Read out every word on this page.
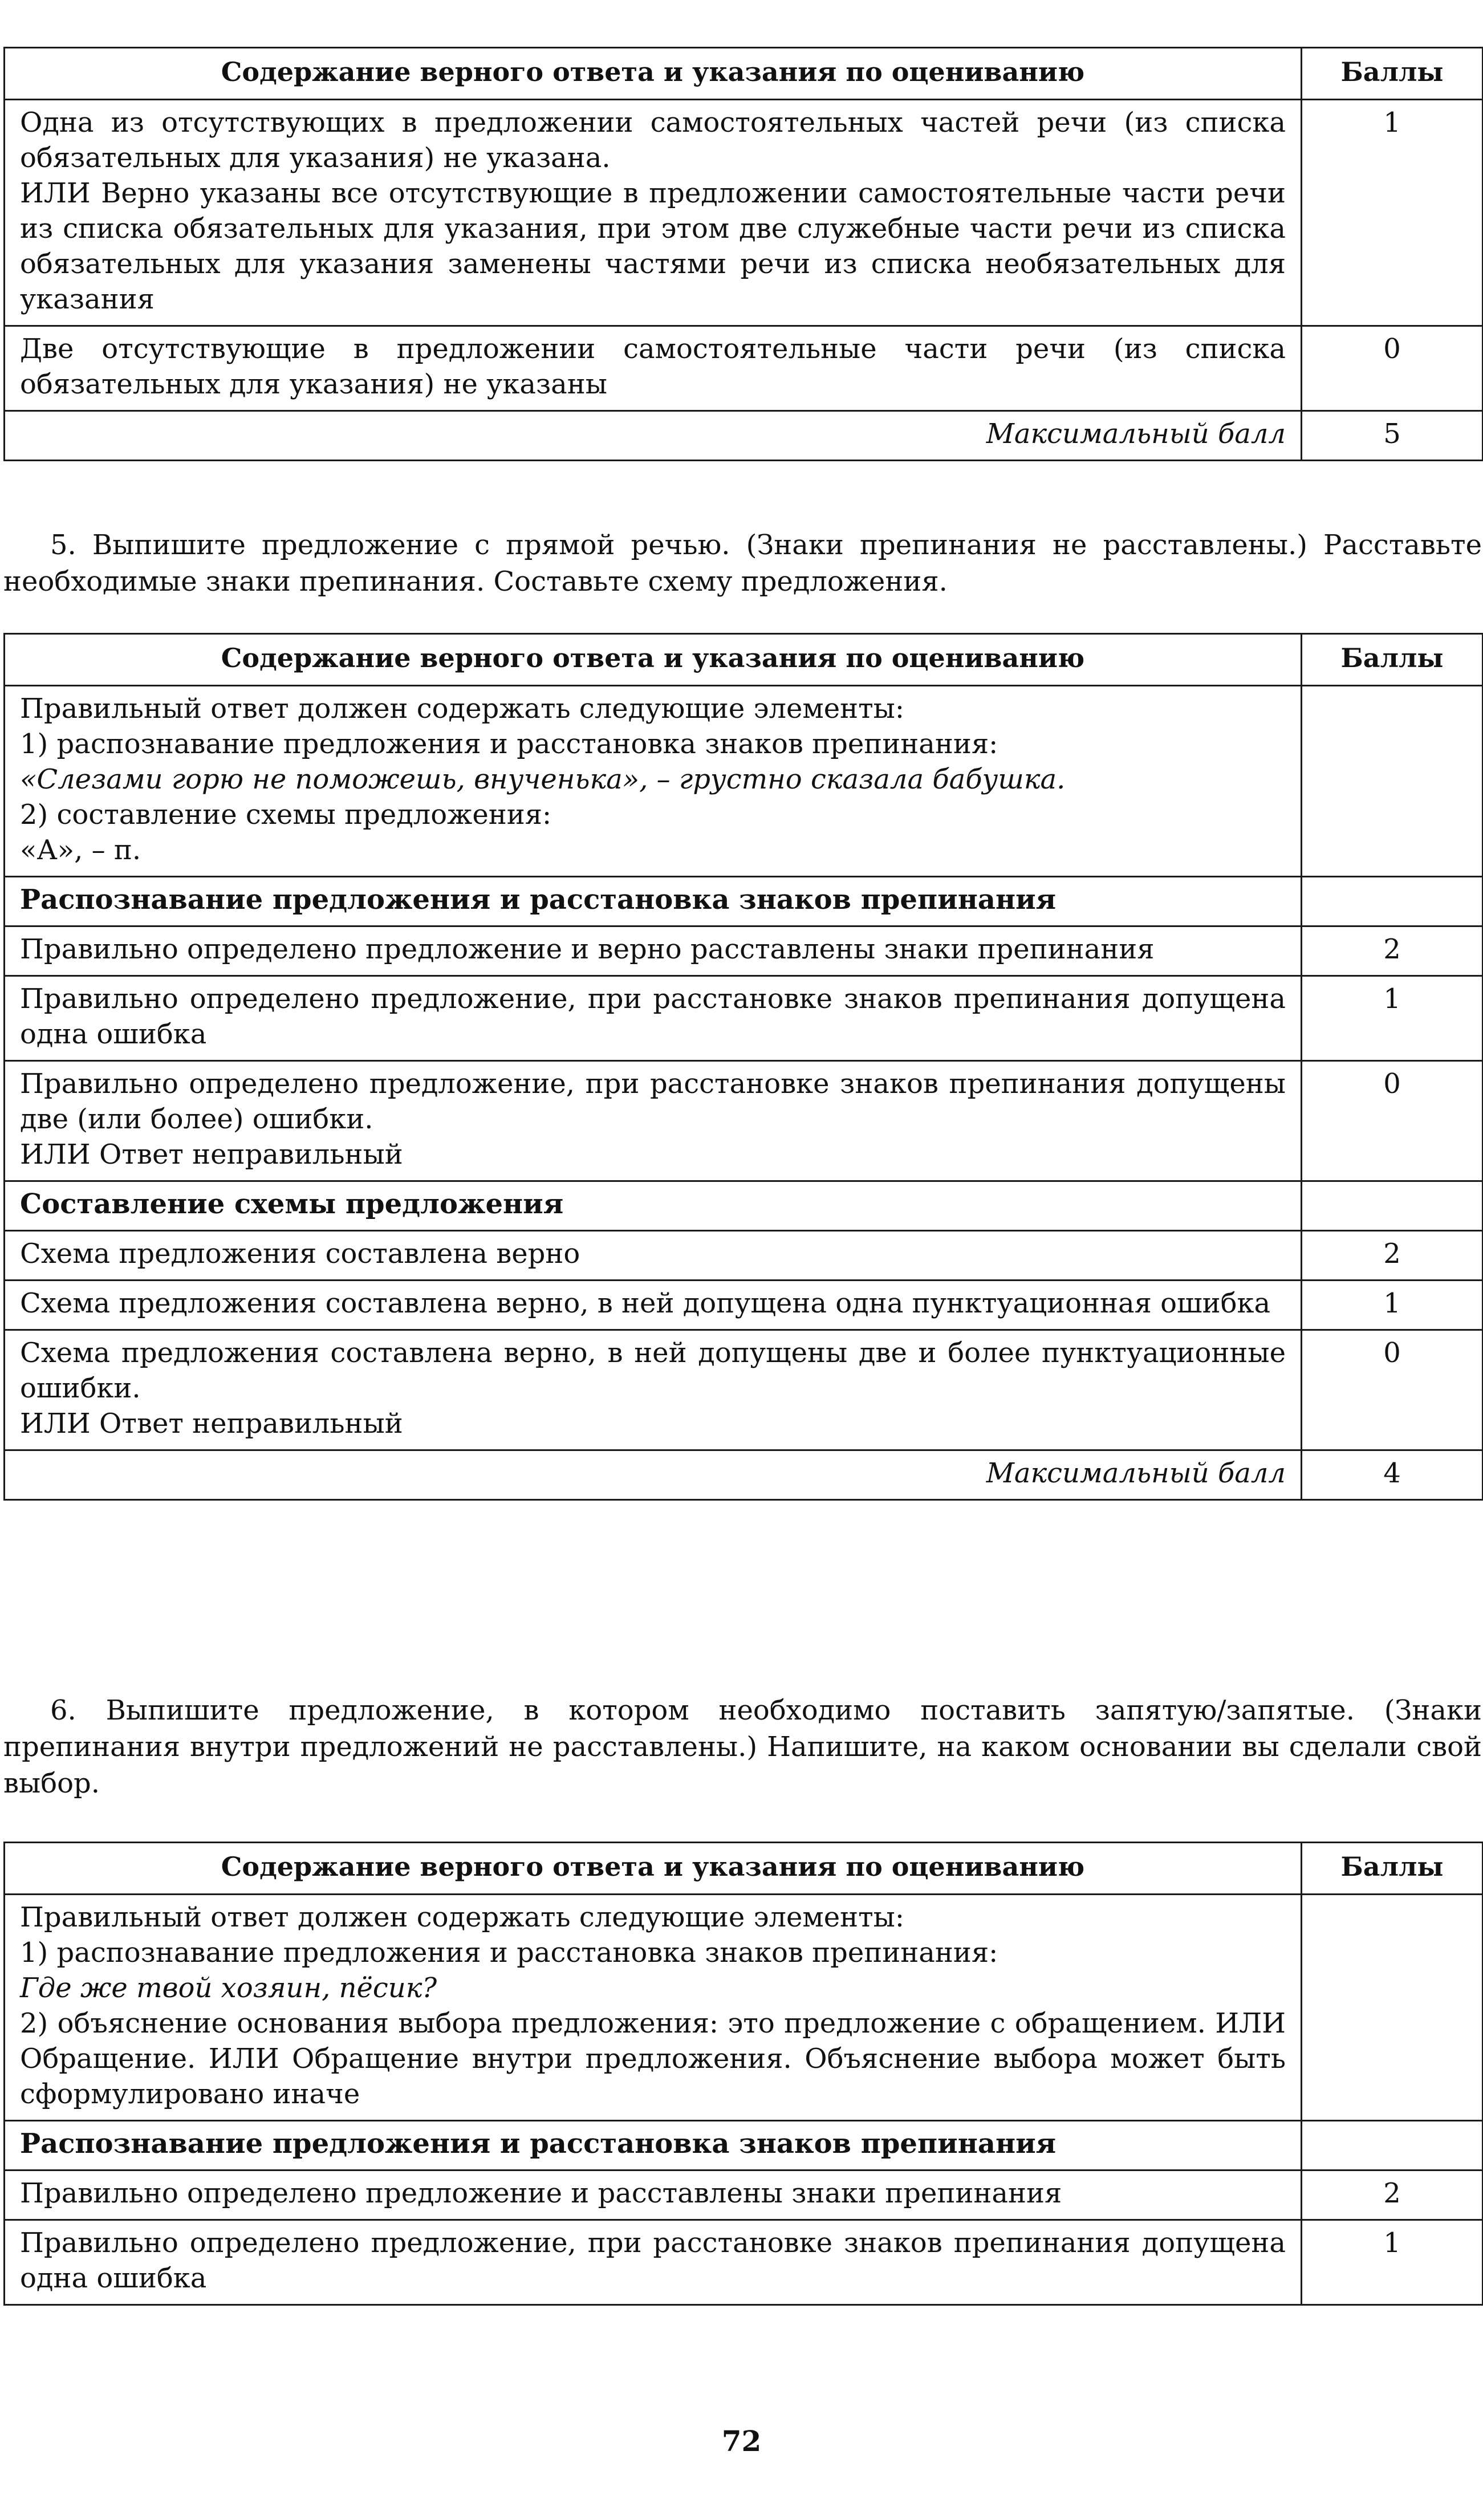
Содержание верного ответа и указания по оцениванию	Баллы

Одна из отсутствующих в предложении самостоятельных частей речи (из списка обязательных для указания) не указана.
ИЛИ Верно указаны все отсутствующие в предложении самостоятельные части речи из списка обязательных для указания, при этом две служебные части речи из списка обязательных для указания заменены частями речи из списка необязательных для указания	1

Две отсутствующие в предложении самостоятельные части речи (из списка обязательных для указания) не указаны	0
Максимальный балл	5
5. Выпишите предложение с прямой речью. (Знаки препинания не расставлены.) Расставьте необходимые знаки препинания. Составьте схему предложения.
Содержание верного ответа и указания по оцениванию	Баллы

Правильный ответ должен содержать следующие элементы:
1) распознавание предложения и расстановка знаков препинания:
«Слезами горю не поможешь, внученька», – грустно сказала бабушка.
2) составление схемы предложения:
«А», – п.	

Распознавание предложения и расстановка знаков препинания	
Правильно определено предложение и верно расставлены знаки препинания	2
Правильно определено предложение, при расстановке знаков препинания допущена одна ошибка	1

Правильно определено предложение, при расстановке знаков препинания допущены две (или более) ошибки.
ИЛИ Ответ неправильный	0
Составление схемы предложения	
Схема предложения составлена верно	2
Схема предложения составлена верно, в ней допущена одна пунктуационная ошибка	1

Схема предложения составлена верно, в ней допущены две и более пунктуационные ошибки.
ИЛИ Ответ неправильный	0
Максимальный балл	4
6. Выпишите предложение, в котором необходимо поставить запятую/запятые. (Знаки препинания внутри предложений не расставлены.) Напишите, на каком основании вы сделали свой выбор.
Содержание верного ответа и указания по оцениванию	Баллы

Правильный ответ должен содержать следующие элементы:
1) распознавание предложения и расстановка знаков препинания:
Где же твой хозяин, пёсик?
2) объяснение основания выбора предложения: это предложение с обращением. ИЛИ Обращение. ИЛИ Обращение внутри предложения. Объяснение выбора может быть сформулировано иначе	

Распознавание предложения и расстановка знаков препинания	
Правильно определено предложение и расставлены знаки препинания	2
Правильно определено предложение, при расстановке знаков препинания допущена одна ошибка	1
72
